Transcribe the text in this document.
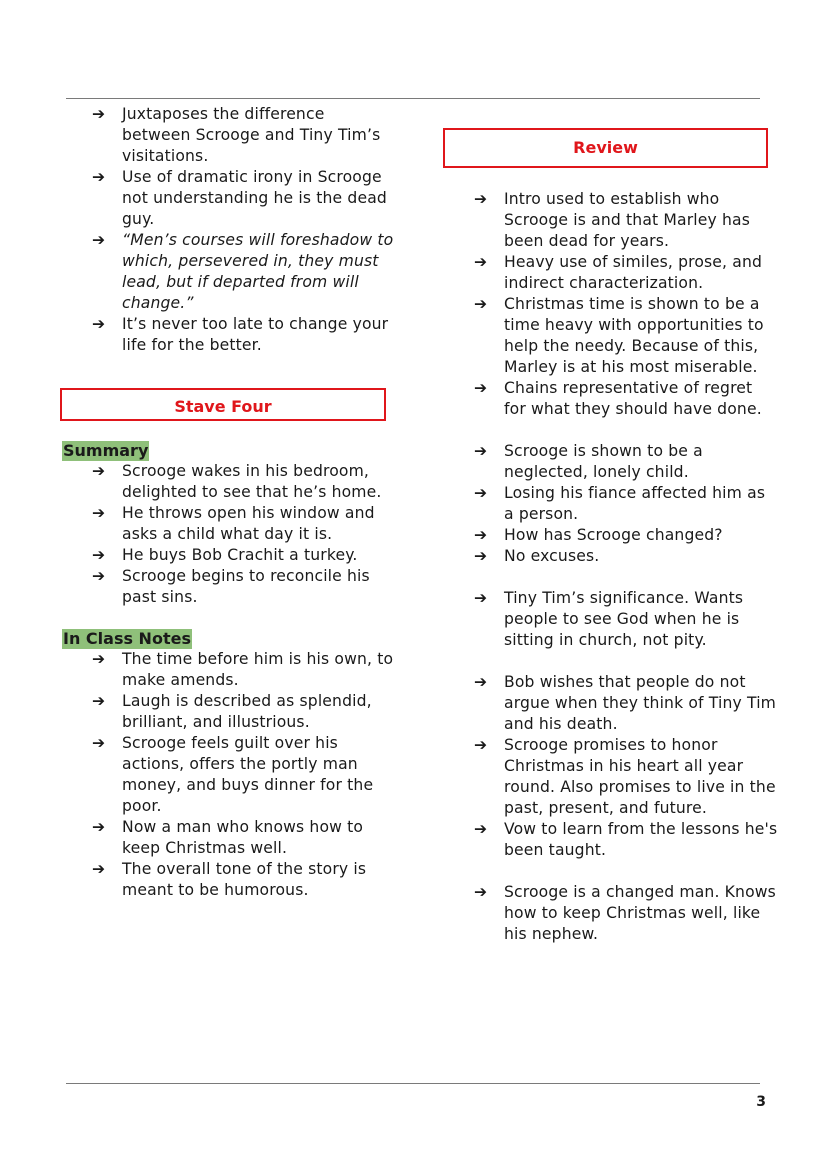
➔ Juxtaposes the difference between Scrooge and Tiny Tim’s visitations.
➔ Use of dramatic irony in Scrooge not understanding he is the dead guy.
➔ “Men’s courses will foreshadow to which, persevered in, they must lead, but if departed from will change.”
➔ It’s never too late to change your life for the better.
Stave Four
Summary
➔ Scrooge wakes in his bedroom, delighted to see that he’s home.
➔ He throws open his window and asks a child what day it is.
➔ He buys Bob Crachit a turkey.
➔ Scrooge begins to reconcile his past sins.
In Class Notes
➔ The time before him is his own, to make amends.
➔ Laugh is described as splendid, brilliant, and illustrious.
➔ Scrooge feels guilt over his actions, offers the portly man money, and buys dinner for the poor.
➔ Now a man who knows how to keep Christmas well.
➔ The overall tone of the story is meant to be humorous.
Review
➔ Intro used to establish who Scrooge is and that Marley has been dead for years.
➔ Heavy use of similes, prose, and indirect characterization.
➔ Christmas time is shown to be a time heavy with opportunities to help the needy. Because of this, Marley is at his most miserable.
➔ Chains representative of regret for what they should have done.
➔ Scrooge is shown to be a neglected, lonely child.
➔ Losing his fiance affected him as a person.
➔ How has Scrooge changed?
➔ No excuses.
➔ Tiny Tim’s significance. Wants people to see God when he is sitting in church, not pity.
➔ Bob wishes that people do not argue when they think of Tiny Tim and his death.
➔ Scrooge promises to honor Christmas in his heart all year round. Also promises to live in the past, present, and future.
➔ Vow to learn from the lessons he's been taught.
➔ Scrooge is a changed man. Knows how to keep Christmas well, like his nephew.
3
